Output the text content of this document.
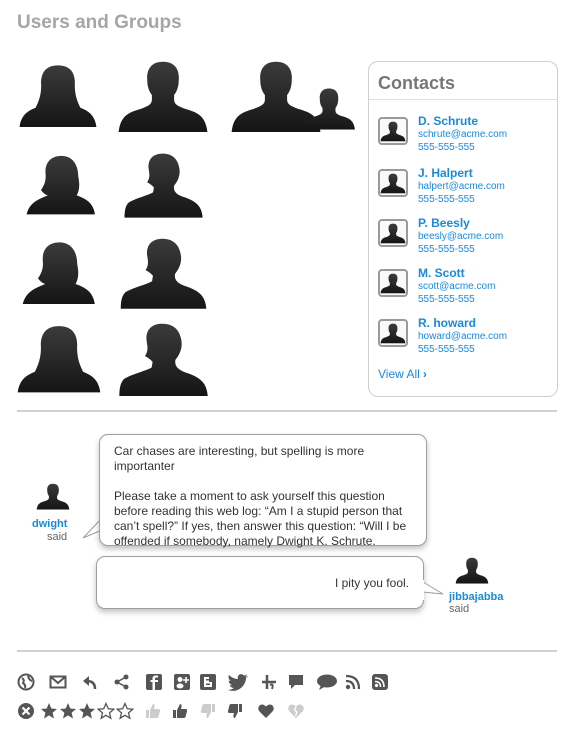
Users and Groups
Contacts
D. Schrute
schrute@acme.com
555-555-555
J. Halpert
halpert@acme.com
555-555-555
P. Beesly
beesly@acme.com
555-555-555
M. Scott
scott@acme.com
555-555-555
R. howard
howard@acme.com
555-555-555
View All ›
dwight
said

Car chases are interesting, but spelling is more importanter

Please take a moment to ask yourself this question before reading this web log: “Am I a stupid person that can’t spell?” If yes, then answer this question: “Will I be offended if somebody, namely Dwight K. Schrute.

I pity you fool.

jibbajabba
said
